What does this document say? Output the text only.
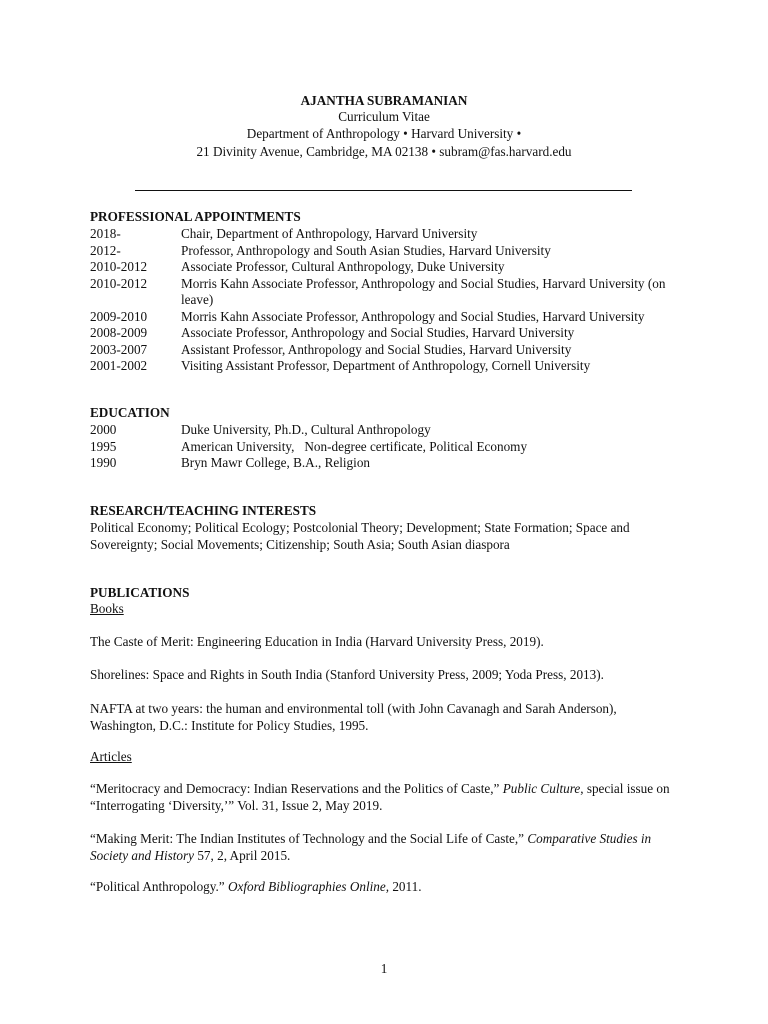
AJANTHA SUBRAMANIAN
Curriculum Vitae
Department of Anthropology • Harvard University •
21 Divinity Avenue, Cambridge, MA 02138 • subram@fas.harvard.edu
PROFESSIONAL APPOINTMENTS
2018-	Chair, Department of Anthropology, Harvard University
2012-	Professor, Anthropology and South Asian Studies, Harvard University
2010-2012	Associate Professor, Cultural Anthropology, Duke University
2010-2012	Morris Kahn Associate Professor, Anthropology and Social Studies, Harvard University (on leave)
2009-2010	Morris Kahn Associate Professor, Anthropology and Social Studies, Harvard University
2008-2009	Associate Professor, Anthropology and Social Studies, Harvard University
2003-2007	Assistant Professor, Anthropology and Social Studies, Harvard University
2001-2002	Visiting Assistant Professor, Department of Anthropology, Cornell University
EDUCATION
2000	Duke University, Ph.D., Cultural Anthropology
1995	American University, Non-degree certificate, Political Economy
1990	Bryn Mawr College, B.A., Religion
RESEARCH/TEACHING INTERESTS
Political Economy; Political Ecology; Postcolonial Theory; Development; State Formation; Space and Sovereignty; Social Movements; Citizenship; South Asia; South Asian diaspora
PUBLICATIONS
Books
The Caste of Merit: Engineering Education in India (Harvard University Press, 2019).
Shorelines: Space and Rights in South India (Stanford University Press, 2009; Yoda Press, 2013).
NAFTA at two years: the human and environmental toll (with John Cavanagh and Sarah Anderson), Washington, D.C.: Institute for Policy Studies, 1995.
Articles
“Meritocracy and Democracy: Indian Reservations and the Politics of Caste,” Public Culture, special issue on “Interrogating ‘Diversity,’” Vol. 31, Issue 2, May 2019.
“Making Merit: The Indian Institutes of Technology and the Social Life of Caste,” Comparative Studies in Society and History 57, 2, April 2015.
“Political Anthropology.” Oxford Bibliographies Online, 2011.
1
